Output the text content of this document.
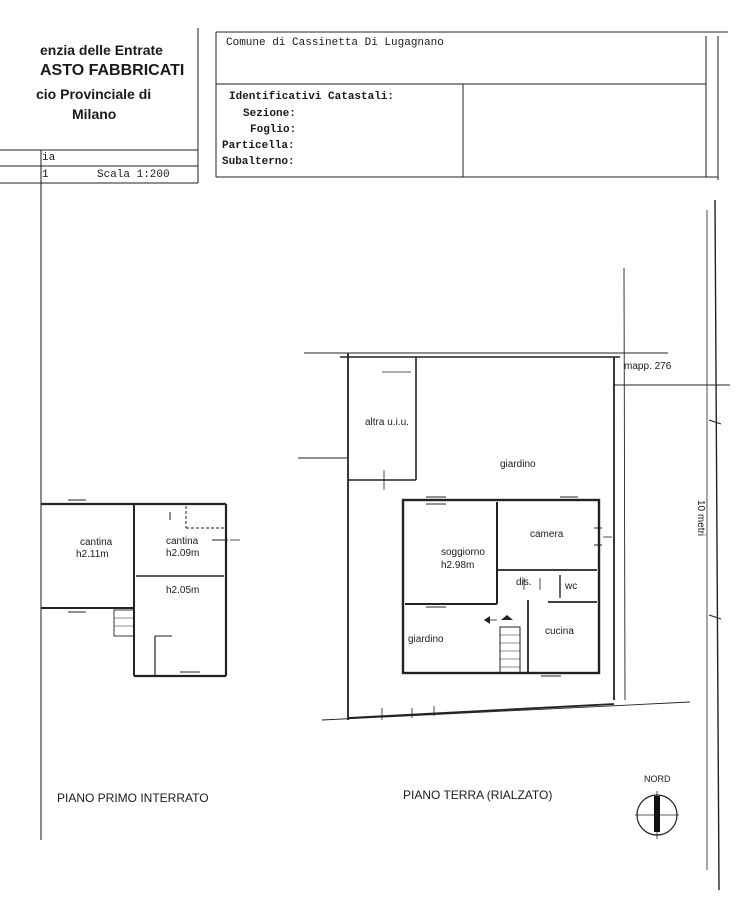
enzia delle Entrate
ASTO FABBRICATI
cio Provinciale di
Milano
ia
1	Scala 1:200
Comune di Cassinetta Di Lugagnano
Identificativi Catastali:
Sezione:
Foglio:
Particella:
Subalterno:
altra u.i.u.
mapp. 276
giardino
soggiorno
h2.98m
camera
dis.	wc
cucina
giardino
cantina
h2.11m
cantina
h2.09m
h2.05m
PIANO PRIMO INTERRATO	PIANO TERRA (RIALZATO)
10 metri
NORD
